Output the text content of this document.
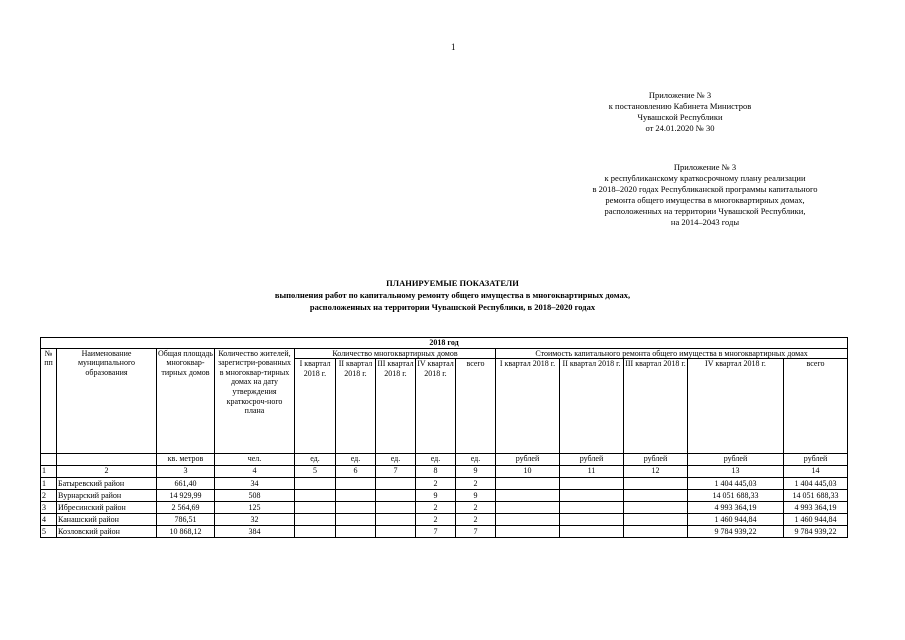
1
Приложение № 3
к постановлению Кабинета Министров
Чувашской Республики
от 24.01.2020 № 30
Приложение № 3
к республиканскому краткосрочному плану реализации
в 2018–2020 годах Республиканской программы капитального
ремонта общего имущества в многоквартирных домах,
расположенных на территории Чувашской Республики,
на 2014–2043 годы
ПЛАНИРУЕМЫЕ ПОКАЗАТЕЛИ
выполнения работ по капитальному ремонту общего имущества в многоквартирных домах,
расположенных на территории Чувашской Республики, в 2018–2020 годах
2018 год													
№ пп	Наименование муниципального образования	Общая площадь многоквар-тирных домов	Количество жителей, зарегистри-рованных в многоквар-тирных домах на дату утверждения краткосроч-ного плана	Количество многоквартирных домов					Стоимость капитального ремонта общего имущества в многоквартирных домах				
				I квартал 2018 г.	II квартал 2018 г.	III квартал 2018 г.	IV квартал 2018 г.	всего	I квартал 2018 г.	II квартал 2018 г.	III квартал 2018 г.	IV квартал 2018 г.	всего
		кв. метров	чел.	ед.	ед.	ед.	ед.	ед.	рублей	рублей	рублей	рублей	рублей
1	2	3	4	5	6	7	8	9	10	11	12	13	14
1	Батыревский район	661,40	34				2	2				1 404 445,03	1 404 445,03
2	Вурнарский район	14 929,99	508				9	9				14 051 688,33	14 051 688,33
3	Ибресинский район	2 564,69	125				2	2				4 993 364,19	4 993 364,19
4	Канашский район	786,51	32				2	2				1 460 944,84	1 460 944,84
5	Козловский район	10 868,12	384				7	7				9 784 939,22	9 784 939,22
